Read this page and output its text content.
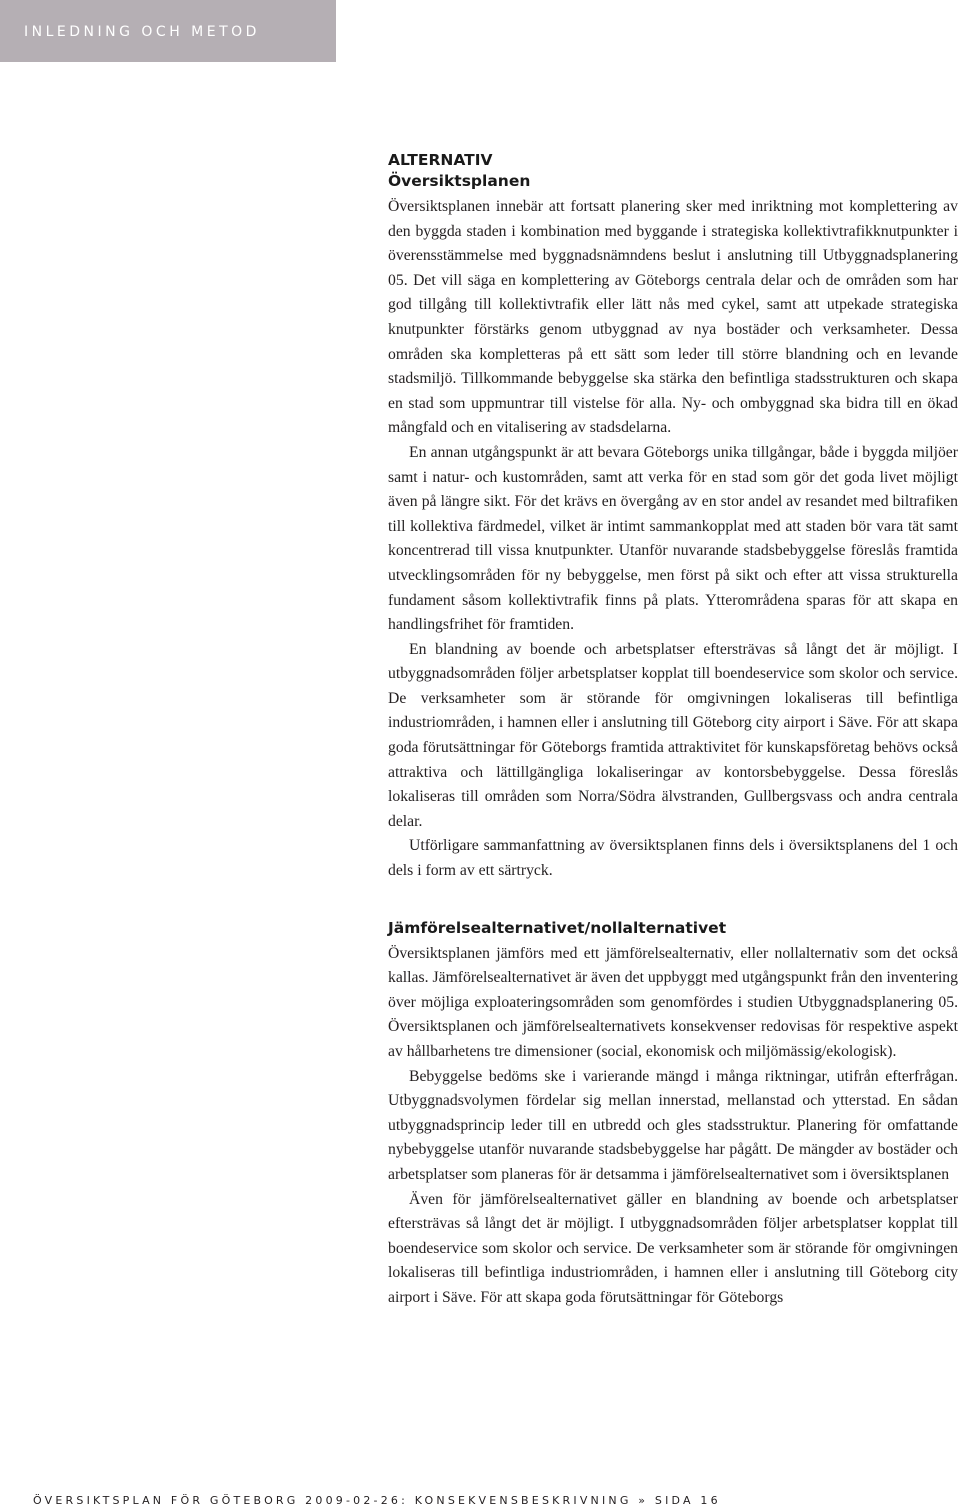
INLEDNING OCH METOD
ALTERNATIV
Översiktsplanen

Översiktsplanen innebär att fortsatt planering sker med inriktning mot komplettering av den byggda staden i kombination med byggande i strategiska kollektivtrafikknutpunkter i överensstämmelse med byggnadsnämndens beslut i anslutning till Utbyggnadsplanering 05. Det vill säga en komplettering av Göteborgs centrala delar och de områden som har god tillgång till kollektivtrafik eller lätt nås med cykel, samt att utpekade strategiska knutpunkter förstärks genom utbyggnad av nya bostäder och verksamheter. Dessa områden ska kompletteras på ett sätt som leder till större blandning och en levande stadsmiljö. Tillkommande bebyggelse ska stärka den befintliga stadsstrukturen och skapa en stad som uppmuntrar till vistelse för alla. Ny- och ombyggnad ska bidra till en ökad mångfald och en vitalisering av stadsdelarna.

En annan utgångspunkt är att bevara Göteborgs unika tillgångar, både i byggda miljöer samt i natur- och kustområden, samt att verka för en stad som gör det goda livet möjligt även på längre sikt. För det krävs en övergång av en stor andel av resandet med biltrafiken till kollektiva färdmedel, vilket är intimt sammankopplat med att staden bör vara tät samt koncentrerad till vissa knutpunkter. Utanför nuvarande stadsbebyggelse föreslås framtida utvecklingsområden för ny bebyggelse, men först på sikt och efter att vissa strukturella fundament såsom kollektivtrafik finns på plats. Ytterområdena sparas för att skapa en handlingsfrihet för framtiden.

En blandning av boende och arbetsplatser eftersträvas så långt det är möjligt. I utbyggnadsområden följer arbetsplatser kopplat till boendeservice som skolor och service. De verksamheter som är störande för omgivningen lokaliseras till befintliga industriområden, i hamnen eller i anslutning till Göteborg city airport i Säve. För att skapa goda förutsättningar för Göteborgs framtida attraktivitet för kunskapsföretag behövs också attraktiva och lättillgängliga lokaliseringar av kontorsbebyggelse. Dessa föreslås lokaliseras till områden som Norra/Södra älvstranden, Gullbergsvass och andra centrala delar.

Utförligare sammanfattning av översiktsplanen finns dels i översiktsplanens del 1 och dels i form av ett särtryck.

Jämförelsealternativet/nollalternativet

Översiktsplanen jämförs med ett jämförelsealternativ, eller nollalternativ som det också kallas. Jämförelsealternativet är även det uppbyggt med utgångspunkt från den inventering över möjliga exploateringsområden som genomfördes i studien Utbyggnadsplanering 05. Översiktsplanen och jämförelsealternativets konsekvenser redovisas för respektive aspekt av hållbarhetens tre dimensioner (social, ekonomisk och miljömässig/ekologisk).

Bebyggelse bedöms ske i varierande mängd i många riktningar, utifrån efterfrågan. Utbyggnadsvolymen fördelar sig mellan innerstad, mellanstad och ytterstad. En sådan utbyggnadsprincip leder till en utbredd och gles stadsstruktur. Planering för omfattande nybebyggelse utanför nuvarande stadsbebyggelse har pågått. De mängder av bostäder och arbetsplatser som planeras för är detsamma i jämförelsealternativet som i översiktsplanen

Även för jämförelsealternativet gäller en blandning av boende och arbetsplatser eftersträvas så långt det är möjligt. I utbyggnadsområden följer arbetsplatser kopplat till boendeservice som skolor och service. De verksamheter som är störande för omgivningen lokaliseras till befintliga industriområden, i hamnen eller i anslutning till Göteborg city airport i Säve. För att skapa goda förutsättningar för Göteborgs

ÖVERSIKTSPLAN FÖR GÖTEBORG 2009-02-26: KONSEKVENSBESKRIVNING » SIDA 16
